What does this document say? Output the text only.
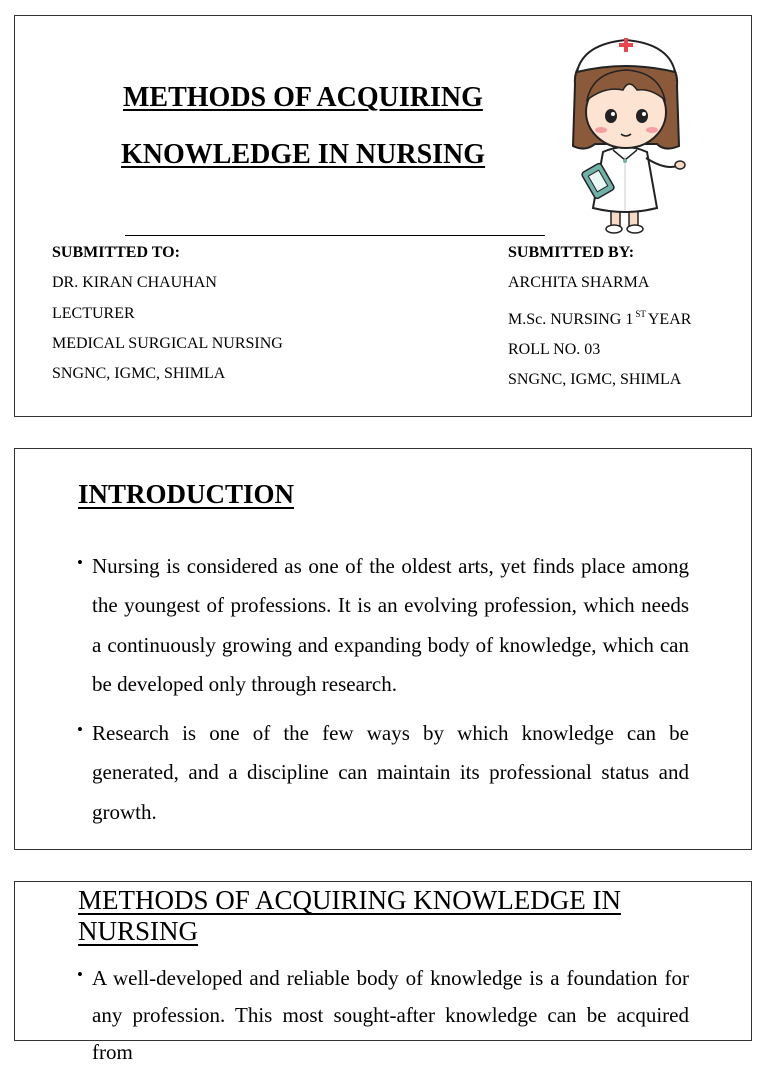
METHODS OF ACQUIRING
KNOWLEDGE IN NURSING
SUBMITTED TO:
DR. KIRAN CHAUHAN
LECTURER
MEDICAL SURGICAL NURSING
SNGNC, IGMC, SHIMLA
SUBMITTED BY:
ARCHITA SHARMA
M.Sc. NURSING 1 $^{ST}$ YEAR
ROLL NO. 03
SNGNC, IGMC, SHIMLA
INTRODUCTION
• Nursing is considered as one of the oldest arts, yet finds place among the youngest of professions. It is an evolving profession, which needs a continuously growing and expanding body of knowledge, which can be developed only through research.
• Research is one of the few ways by which knowledge can be generated, and a discipline can maintain its professional status and growth.
METHODS OF ACQUIRING KNOWLEDGE IN NURSING
• A well-developed and reliable body of knowledge is a foundation for any profession. This most sought-after knowledge can be acquired from
